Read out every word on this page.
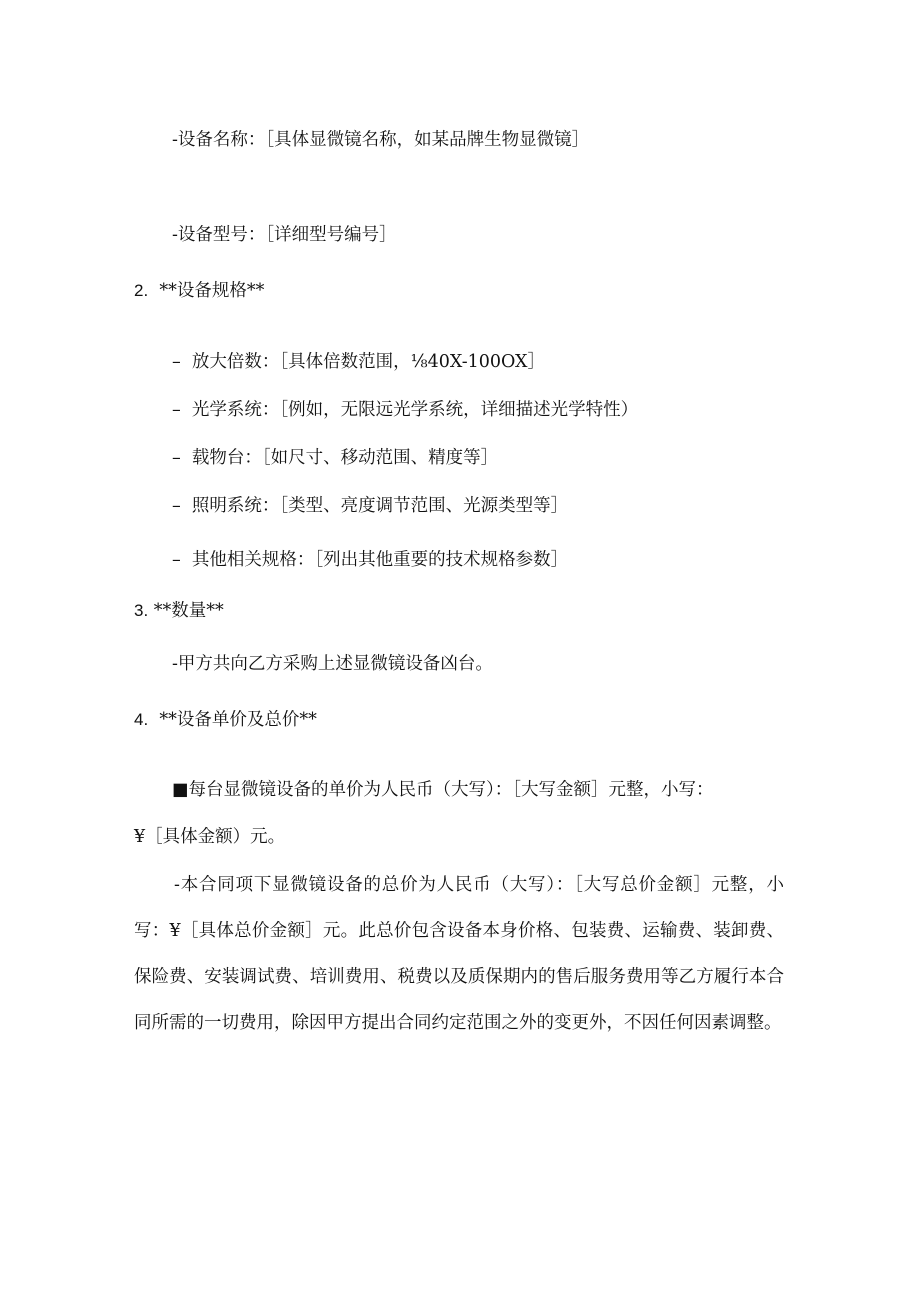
-设备名称：［具体显微镜名称，如某品牌生物显微镜］
-设备型号：［详细型号编号］
2. **设备规格**
– 放大倍数：［具体倍数范围，⅛40X-100OX］
– 光学系统：［例如，无限远光学系统，详细描述光学特性）
– 载物台：［如尺寸、移动范围、精度等］
– 照明系统：［类型、亮度调节范围、光源类型等］
– 其他相关规格：［列出其他重要的技术规格参数］
3. **数量**
-甲方共向乙方采购上述显微镜设备凶台。
4. **设备单价及总价**
■每台显微镜设备的单价为人民币（大写）：［大写金额］元整，小写：
¥［具体金额）元。
-本合同项下显微镜设备的总价为人民币（大写）：［大写总价金额］元整，小写：¥［具体总价金额］元。此总价包含设备本身价格、包装费、运输费、装卸费、保险费、安装调试费、培训费用、税费以及质保期内的售后服务费用等乙方履行本合同所需的一切费用，除因甲方提出合同约定范围之外的变更外，不因任何因素调整。
